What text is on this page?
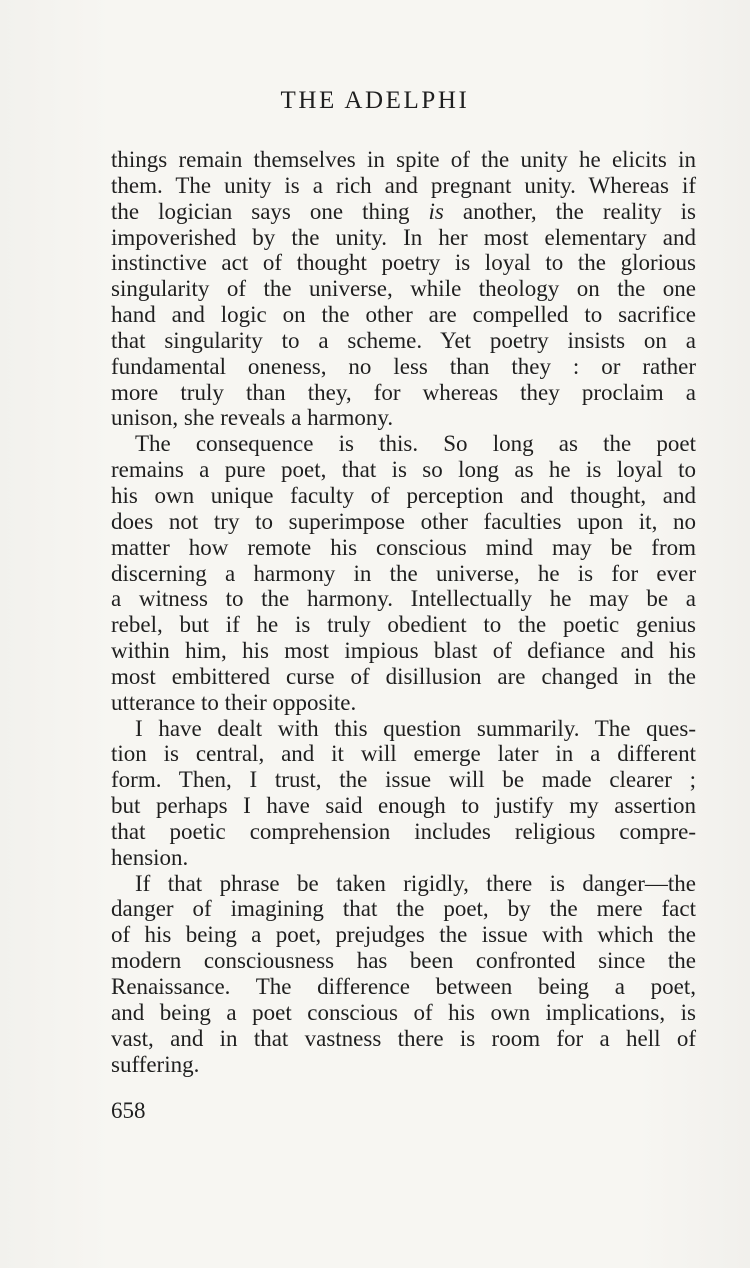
THE ADELPHI

things remain themselves in spite of the unity he elicits in
them. The unity is a rich and pregnant unity. Whereas if
the logician says one thing is another, the reality is
impoverished by the unity. In her most elementary and
instinctive act of thought poetry is loyal to the glorious
singularity of the universe, while theology on the one
hand and logic on the other are compelled to sacrifice
that singularity to a scheme. Yet poetry insists on a
fundamental oneness, no less than they : or rather
more truly than they, for whereas they proclaim a
unison, she reveals a harmony.

The consequence is this. So long as the poet
remains a pure poet, that is so long as he is loyal to
his own unique faculty of perception and thought, and
does not try to superimpose other faculties upon it, no
matter how remote his conscious mind may be from
discerning a harmony in the universe, he is for ever
a witness to the harmony. Intellectually he may be a
rebel, but if he is truly obedient to the poetic genius
within him, his most impious blast of defiance and his
most embittered curse of disillusion are changed in the
utterance to their opposite.

I have dealt with this question summarily. The ques-
tion is central, and it will emerge later in a different
form. Then, I trust, the issue will be made clearer ;
but perhaps I have said enough to justify my assertion
that poetic comprehension includes religious compre-
hension.

If that phrase be taken rigidly, there is danger—the
danger of imagining that the poet, by the mere fact
of his being a poet, prejudges the issue with which the
modern consciousness has been confronted since the
Renaissance. The difference between being a poet,
and being a poet conscious of his own implications, is
vast, and in that vastness there is room for a hell of
suffering.

658
